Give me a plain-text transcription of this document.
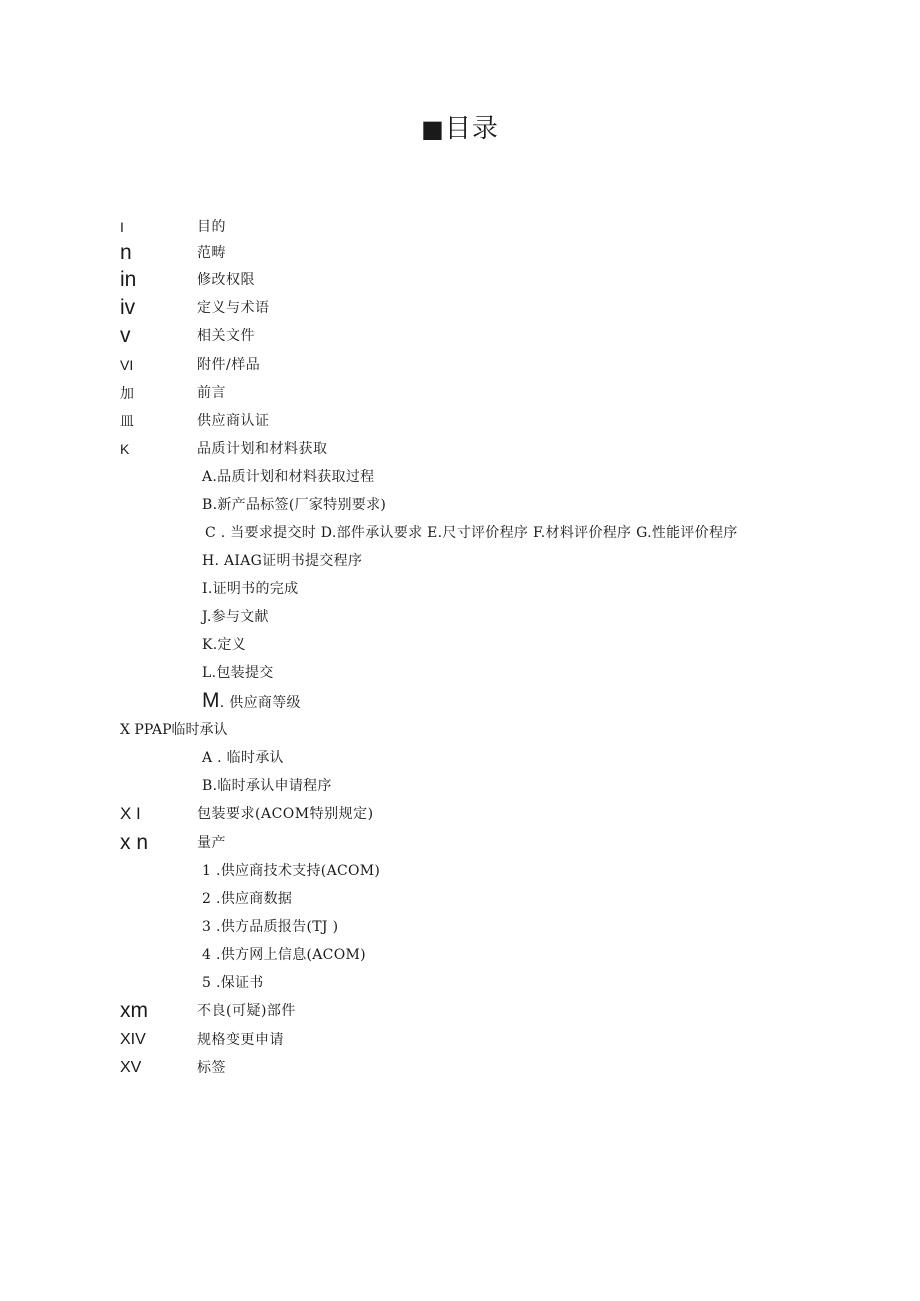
■目录
I	目的
n	范畴
in	修改权限
iv	定义与术语
v	相关文件
VI	附件/样品
加	前言
皿	供应商认证
K	品质计划和材料获取
A.品质计划和材料获取过程
B.新产品标签(厂家特别要求)
C . 当要求提交时 D.部件承认要求 E.尺寸评价程序 F.材料评价程序 G.性能评价程序
H. AIAG证明书提交程序
I.证明书的完成
J.参与文献
K.定义
L.包装提交
M. 供应商等级
X PPAP临时承认
A . 临时承认
B.临时承认申请程序
X I	包装要求(ACOM特别规定)
x n	量产
1 .供应商技术支持(ACOM)
2 .供应商数据
3 .供方品质报告(TJ )
4 .供方网上信息(ACOM)
5 .保证书
xm	不良(可疑)部件
XIV	规格变更申请
XV	标签
